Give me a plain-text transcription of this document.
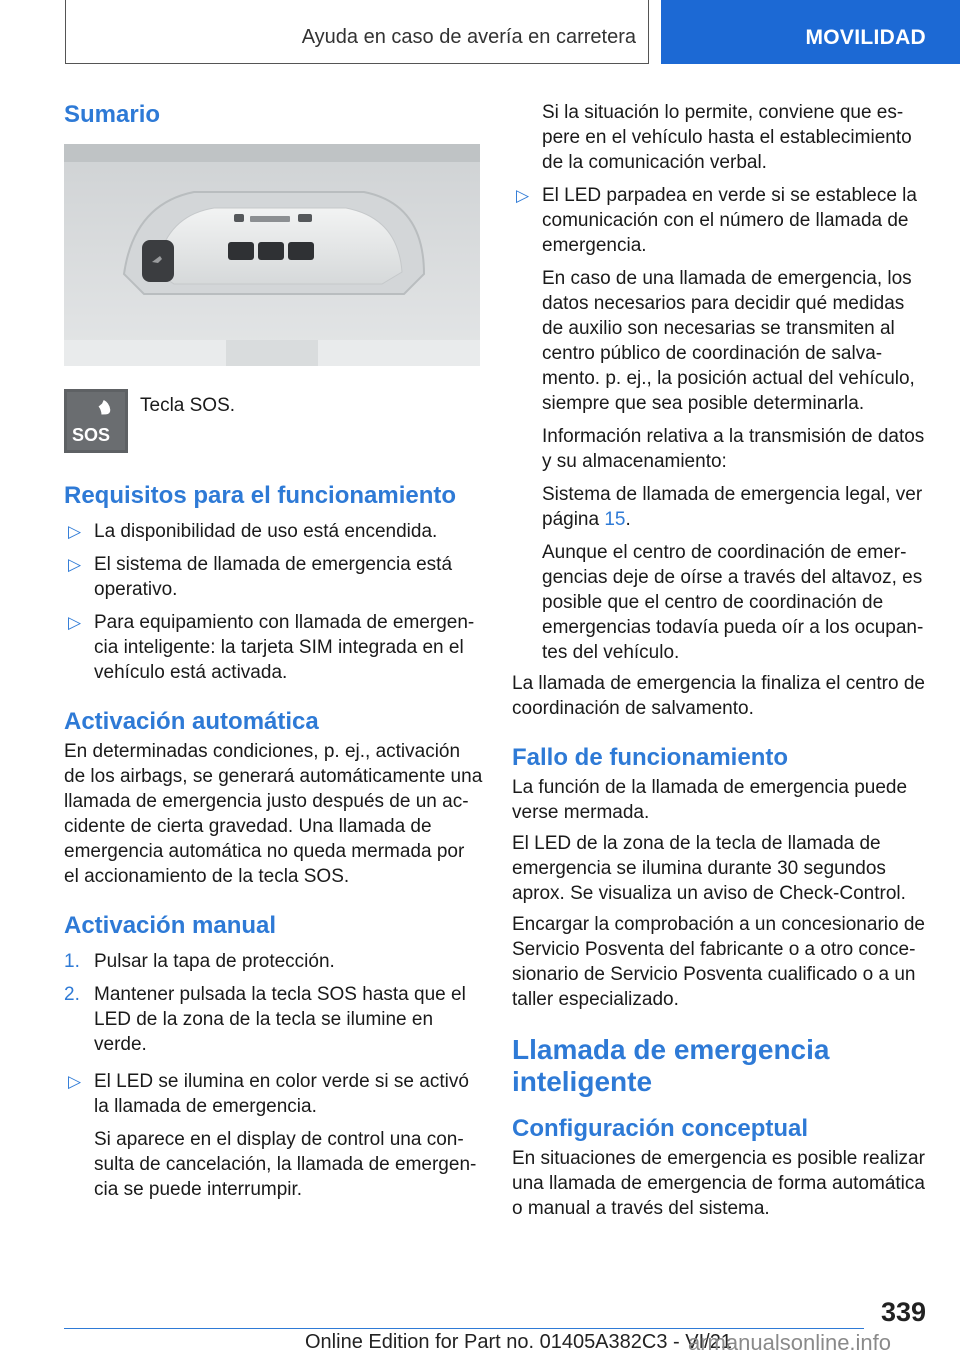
Ayuda en caso de avería en carretera	MOVILIDAD
Sumario
SOS
Tecla SOS.
Requisitos para el funcionamiento
▷ La disponibilidad de uso está encendida.
▷ El sistema de llamada de emergencia está operativo.
▷ Para equipamiento con llamada de emergen-cia inteligente: la tarjeta SIM integrada en el vehículo está activada.
Activación automática

En determinadas condiciones, p. ej., activación de los airbags, se generará automáticamente una llamada de emergencia justo después de un ac-cidente de cierta gravedad. Una llamada de emergencia automática no queda mermada por el accionamiento de la tecla SOS.

Activación manual
1. Pulsar la tapa de protección.
2. Mantener pulsada la tecla SOS hasta que el LED de la zona de la tecla se ilumine en verde.
▷ El LED se ilumina en color verde si se activó la llamada de emergencia.

Si aparece en el display de control una con-sulta de cancelación, la llamada de emergen-cia se puede interrumpir.

Si la situación lo permite, conviene que es-pere en el vehículo hasta el establecimiento de la comunicación verbal.

▷ El LED parpadea en verde si se establece la comunicación con el número de llamada de emergencia.

En caso de una llamada de emergencia, los datos necesarios para decidir qué medidas de auxilio son necesarias se transmiten al centro público de coordinación de salva-mento. p. ej., la posición actual del vehículo, siempre que sea posible determinarla.

Información relativa a la transmisión de datos y su almacenamiento:

Sistema de llamada de emergencia legal, ver página 15.

Aunque el centro de coordinación de emer-gencias deje de oírse a través del altavoz, es posible que el centro de coordinación de emergencias todavía pueda oír a los ocupan-tes del vehículo.

La llamada de emergencia la finaliza el centro de coordinación de salvamento.

Fallo de funcionamiento

La función de la llamada de emergencia puede verse mermada.

El LED de la zona de la tecla de llamada de emergencia se ilumina durante 30 segundos aprox. Se visualiza un aviso de Check-Control.

Encargar la comprobación a un concesionario de Servicio Posventa del fabricante o a otro conce-sionario de Servicio Posventa cualificado o a un taller especializado.

Llamada de emergencia inteligente
Configuración conceptual

En situaciones de emergencia es posible realizar una llamada de emergencia de forma automática o manual a través del sistema.

339
Online Edition for Part no. 01405A382C3 - VI/21
armanualsonline.info
